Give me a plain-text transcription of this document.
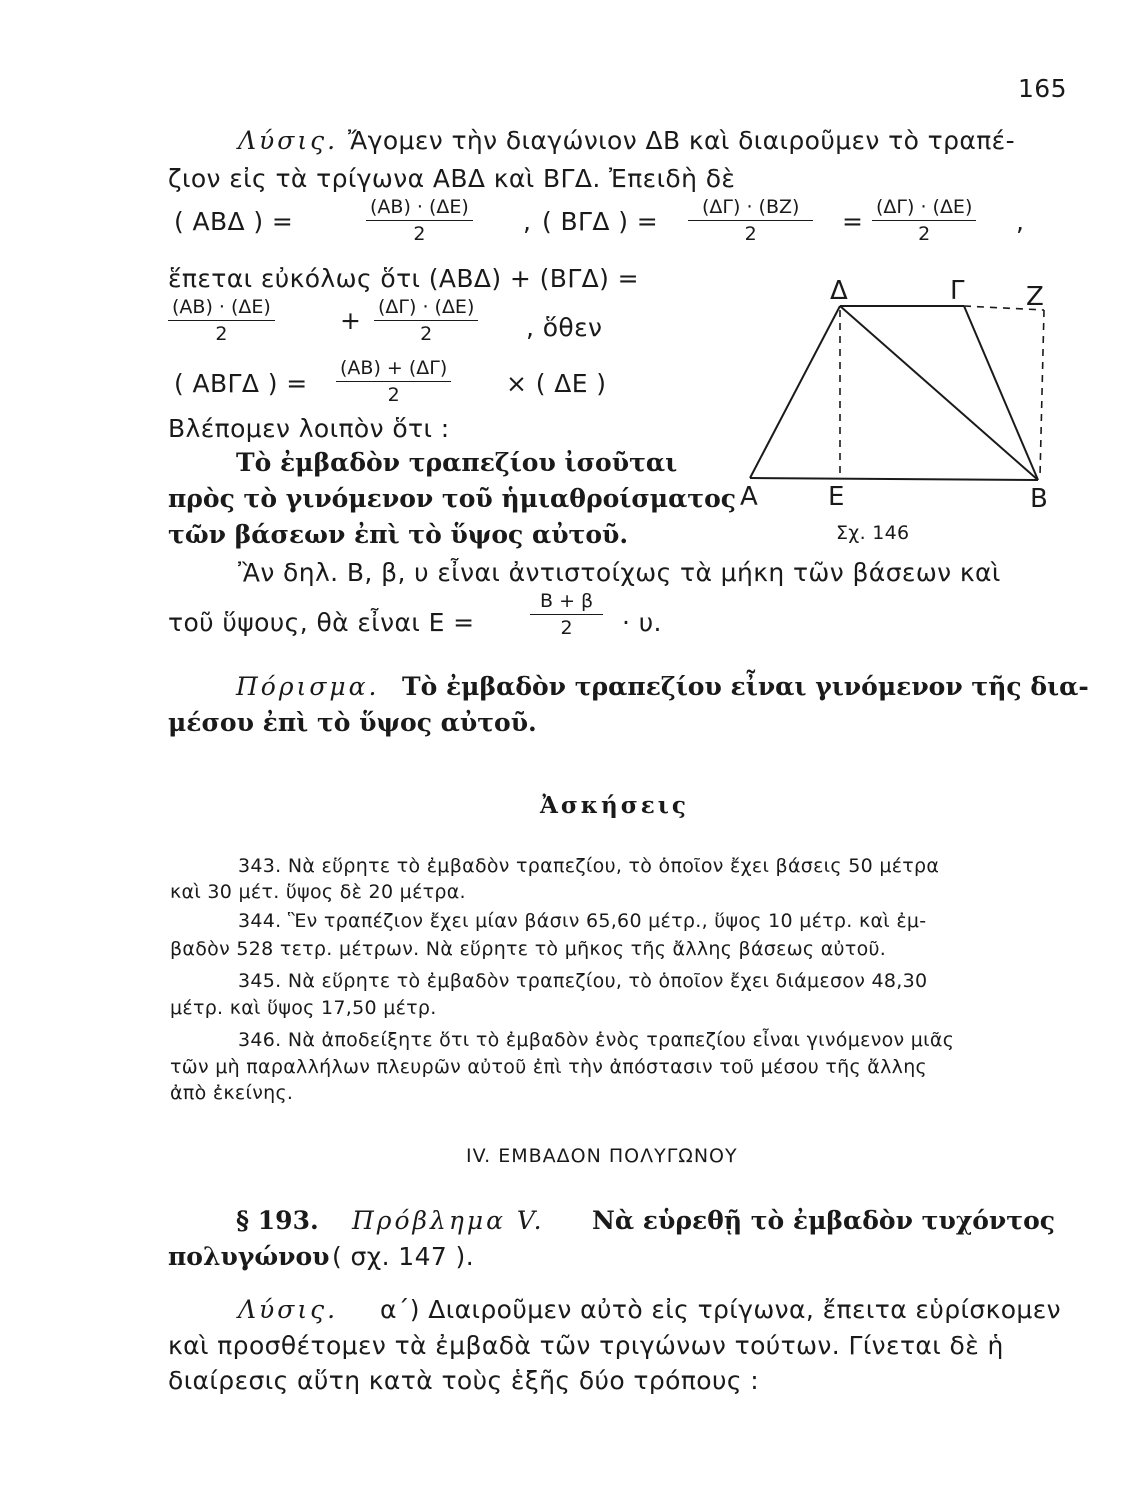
165
Λύσις. Ἄγομεν τὴν διαγώνιον ΔΒ καὶ διαιροῦμεν τὸ τραπέ-
ζιον εἰς τὰ τρίγωνα ΑΒΔ καὶ ΒΓΔ. Ἐπειδὴ δὲ
( ΑΒΔ ) =	$\frac{(AB) \cdot (\Delta E)}{2}$ , ( ΒΓΔ ) = $\frac{(\Delta\Gamma) \cdot (BZ)}{2} = \frac{(\Delta\Gamma) \cdot (\Delta E)}{2}$ ,
ἕπεται εὐκόλως ὅτι (ΑΒΔ) + (ΒΓΔ) =
$\frac{(AB) \cdot (\Delta E)}{2}$	+ $\frac{(\Delta\Gamma) \cdot (\Delta E)}{2}$ , ὅθεν
( ΑΒΓΔ ) = $\frac{(AB) + (\Delta\Gamma)}{2}$ × ( ΔΕ )
Βλέπομεν λοιπὸν ὅτι :
Τὸ ἐμβαδὸν τραπεζίου ἰσοῦται
πρὸς τὸ γινόμενον τοῦ ἡμιαθροίσματος
τῶν βάσεων ἐπὶ τὸ ὕψος αὐτοῦ.
Δ	Γ Ζ
Α	Ε	Β
Σχ. 146
Ἂν δηλ. Β, β, υ εἶναι ἀντιστοίχως τὰ μήκη τῶν βάσεων καὶ
τοῦ ὕψους, θὰ εἶναι Ε =	$\frac{B + \beta}{2} \cdot \upsilon$.
Πόρισμα. Τὸ ἐμβαδὸν τραπεζίου εἶναι γινόμενον τῆς δια-
μέσου ἐπὶ τὸ ὕψος αὐτοῦ.
Ἀσκήσεις
343. Νὰ εὕρητε τὸ ἐμβαδὸν τραπεζίου, τὸ ὁποῖον ἔχει βάσεις 50 μέτρα
καὶ 30 μέτ. ὕψος δὲ 20 μέτρα.
344. Ἓν τραπέζιον ἔχει μίαν βάσιν 65,60 μέτρ., ὕψος 10 μέτρ. καὶ ἐμ-
βαδὸν 528 τετρ. μέτρων. Νὰ εὕρητε τὸ μῆκος τῆς ἄλλης βάσεως αὐτοῦ.
345. Νὰ εὕρητε τὸ ἐμβαδὸν τραπεζίου, τὸ ὁποῖον ἔχει διάμεσον 48,30
μέτρ. καὶ ὕψος 17,50 μέτρ.
346. Νὰ ἀποδείξητε ὅτι τὸ ἐμβαδὸν ἑνὸς τραπεζίου εἶναι γινόμενον μιᾶς
τῶν μὴ παραλλήλων πλευρῶν αὐτοῦ ἐπὶ τὴν ἀπόστασιν τοῦ μέσου τῆς ἄλλης
ἀπὸ ἐκείνης.
IV. ΕΜΒΑΔΟΝ ΠΟΛΥΓΩΝΟΥ
§ 193. Πρόβλημα V. Νὰ εὑρεθῇ τὸ ἐμβαδὸν τυχόντος
πολυγώνου ( σχ. 147 ).
Λύσις. α΄) Διαιροῦμεν αὐτὸ εἰς τρίγωνα, ἔπειτα εὑρίσκομεν
καὶ προσθέτομεν τὰ ἐμβαδὰ τῶν τριγώνων τούτων. Γίνεται δὲ ἡ
διαίρεσις αὕτη κατὰ τοὺς ἑξῆς δύο τρόπους :
